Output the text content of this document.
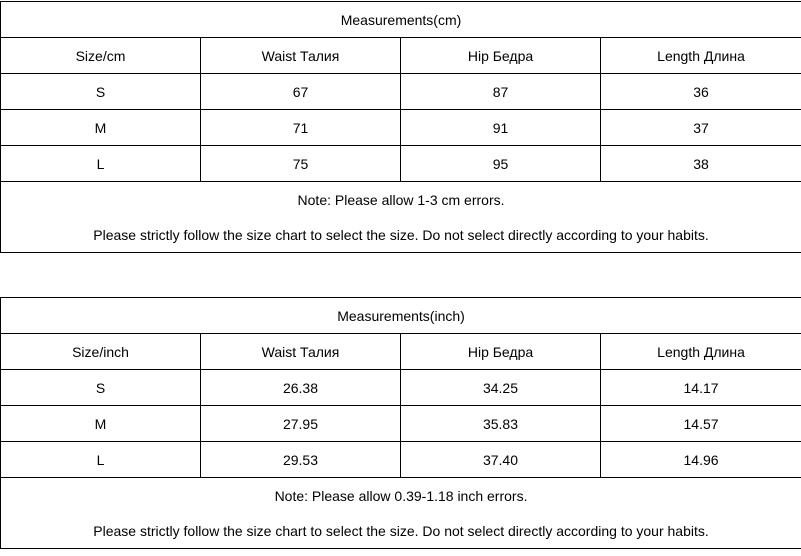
Measurements(cm)			
Size/cm	Waist Талия	Hip Бедра	Length Длина
S	67	87	36
M	71	91	37
L	75	95	38
Note: Please allow 1-3 cm errors.			
Please strictly follow the size chart to select the size. Do not select directly according to your habits.			
Measurements(inch)			
Size/inch	Waist Талия	Hip Бедра	Length Длина
S	26.38	34.25	14.17
M	27.95	35.83	14.57
L	29.53	37.40	14.96
Note: Please allow 0.39-1.18 inch errors.			
Please strictly follow the size chart to select the size. Do not select directly according to your habits.			
